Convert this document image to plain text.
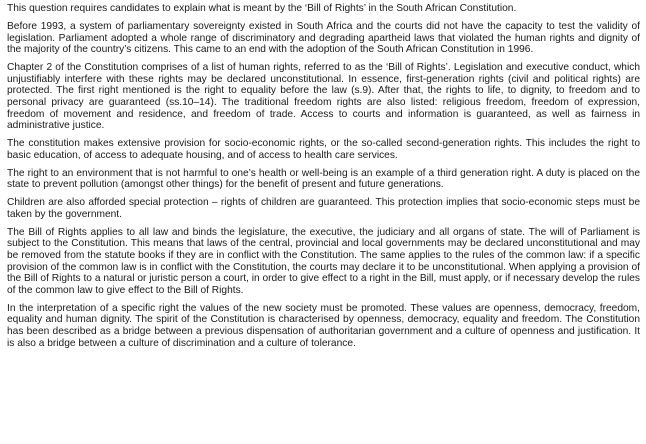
This question requires candidates to explain what is meant by the ‘Bill of Rights’ in the South African Constitution.

Before 1993, a system of parliamentary sovereignty existed in South Africa and the courts did not have the capacity to test the validity of legislation. Parliament adopted a whole range of discriminatory and degrading apartheid laws that violated the human rights and dignity of the majority of the country’s citizens. This came to an end with the adoption of the South African Constitution in 1996.

Chapter 2 of the Constitution comprises of a list of human rights, referred to as the ‘Bill of Rights’. Legislation and executive conduct, which unjustifiably interfere with these rights may be declared unconstitutional. In essence, first-generation rights (civil and political rights) are protected. The first right mentioned is the right to equality before the law (s.9). After that, the rights to life, to dignity, to freedom and to personal privacy are guaranteed (ss.10–14). The traditional freedom rights are also listed: religious freedom, freedom of expression, freedom of movement and residence, and freedom of trade. Access to courts and information is guaranteed, as well as fairness in administrative justice.

The constitution makes extensive provision for socio-economic rights, or the so-called second-generation rights. This includes the right to basic education, of access to adequate housing, and of access to health care services.

The right to an environment that is not harmful to one’s health or well-being is an example of a third generation right. A duty is placed on the state to prevent pollution (amongst other things) for the benefit of present and future generations.

Children are also afforded special protection – rights of children are guaranteed. This protection implies that socio-economic steps must be taken by the government.

The Bill of Rights applies to all law and binds the legislature, the executive, the judiciary and all organs of state. The will of Parliament is subject to the Constitution. This means that laws of the central, provincial and local governments may be declared unconstitutional and may be removed from the statute books if they are in conflict with the Constitution. The same applies to the rules of the common law: if a specific provision of the common law is in conflict with the Constitution, the courts may declare it to be unconstitutional. When applying a provision of the Bill of Rights to a natural or juristic person a court, in order to give effect to a right in the Bill, must apply, or if necessary develop the rules of the common law to give effect to the Bill of Rights.

In the interpretation of a specific right the values of the new society must be promoted. These values are openness, democracy, freedom, equality and human dignity. The spirit of the Constitution is characterised by openness, democracy, equality and freedom. The Constitution has been described as a bridge between a previous dispensation of authoritarian government and a culture of openness and justification. It is also a bridge between a culture of discrimination and a culture of tolerance.
